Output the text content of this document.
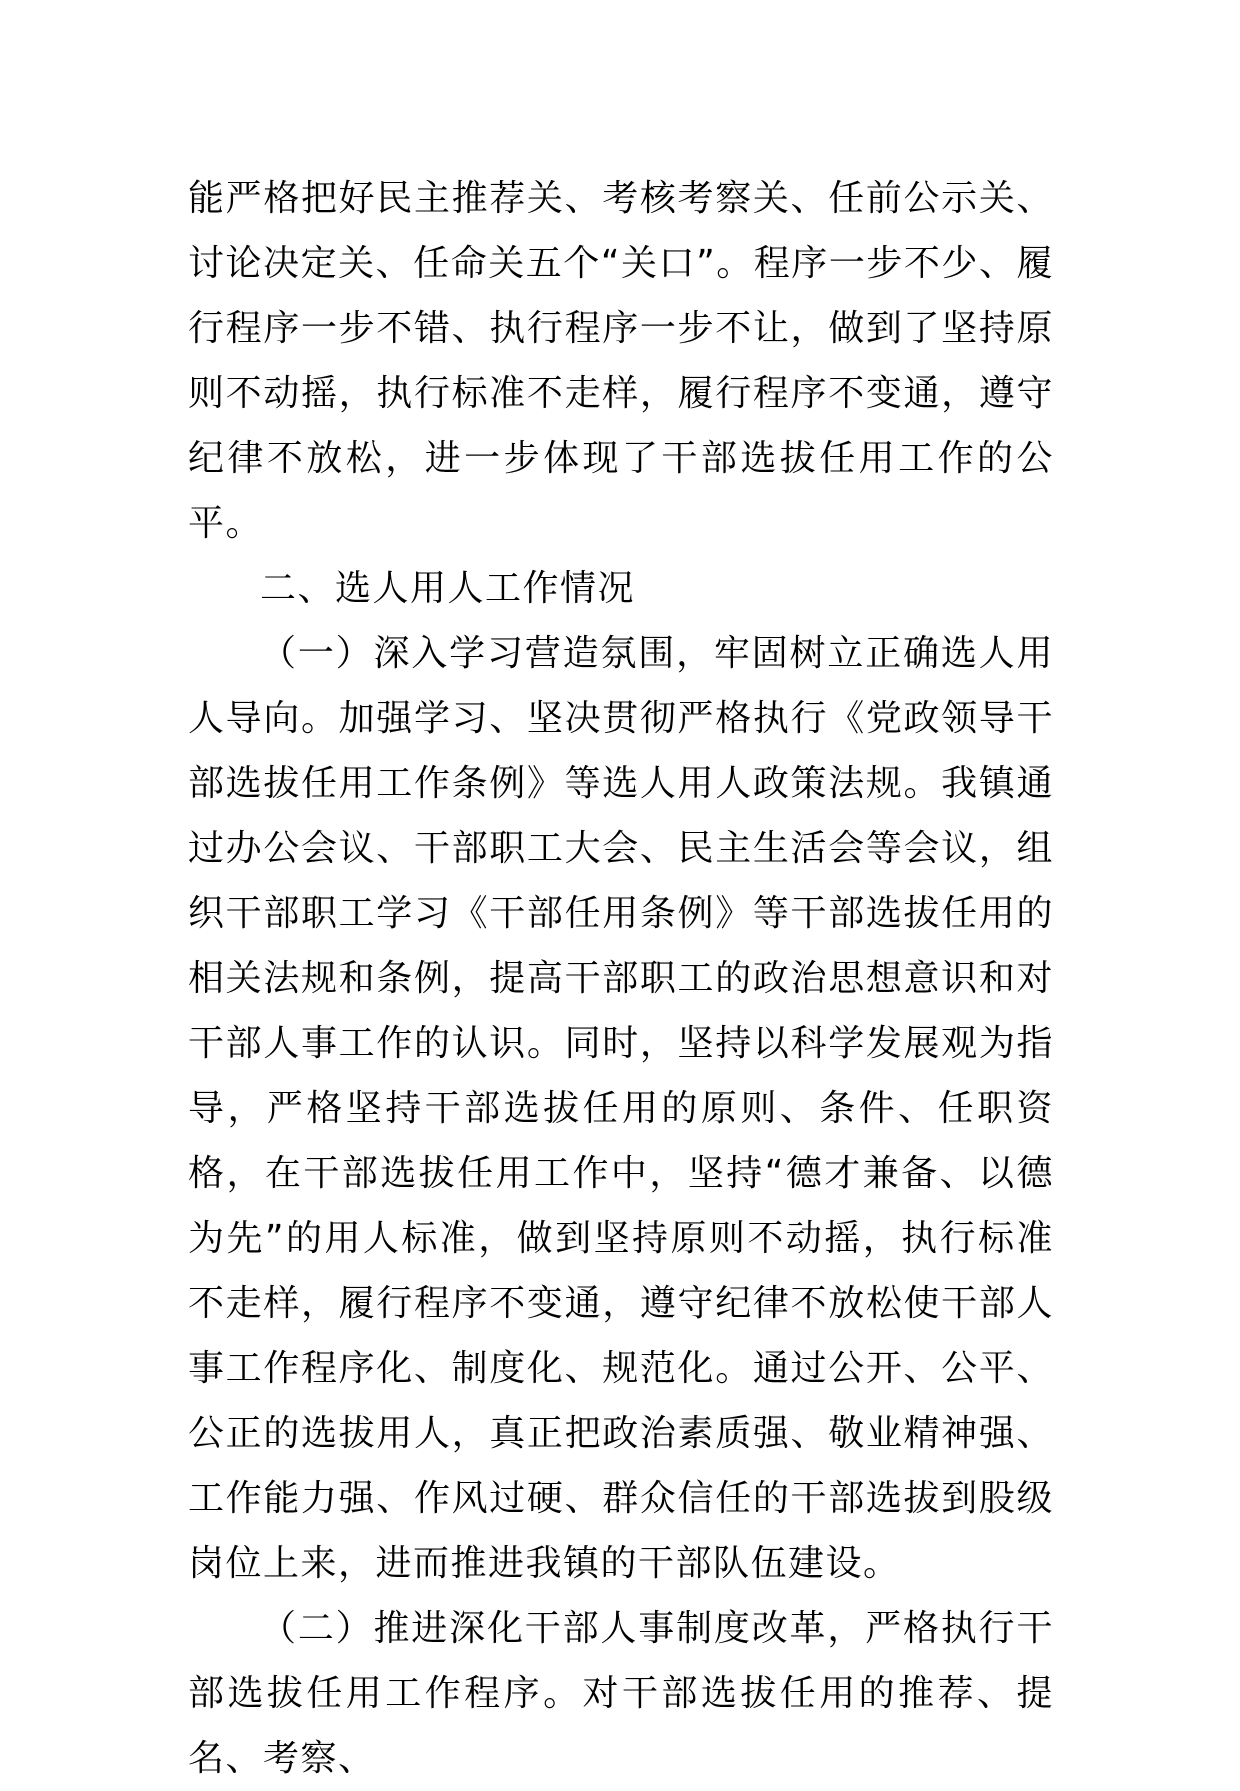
能严格把好民主推荐关、考核考察关、任前公示关、讨论决定关、任命关五个“关口”。程序一步不少、履行程序一步不错、执行程序一步不让，做到了坚持原则不动摇，执行标准不走样，履行程序不变通，遵守纪律不放松，进一步体现了干部选拔任用工作的公平。

二、选人用人工作情况

（一）深入学习营造氛围，牢固树立正确选人用人导向。加强学习、坚决贯彻严格执行《党政领导干部选拔任用工作条例》等选人用人政策法规。我镇通过办公会议、干部职工大会、民主生活会等会议，组织干部职工学习《干部任用条例》等干部选拔任用的相关法规和条例，提高干部职工的政治思想意识和对干部人事工作的认识。同时，坚持以科学发展观为指导，严格坚持干部选拔任用的原则、条件、任职资格，在干部选拔任用工作中，坚持“德才兼备、以德为先”的用人标准，做到坚持原则不动摇，执行标准不走样，履行程序不变通，遵守纪律不放松使干部人事工作程序化、制度化、规范化。通过公开、公平、公正的选拔用人，真正把政治素质强、敬业精神强、工作能力强、作风过硬、群众信任的干部选拔到股级岗位上来，进而推进我镇的干部队伍建设。

（二）推进深化干部人事制度改革，严格执行干部选拔任用工作程序。对干部选拔任用的推荐、提名、考察、
